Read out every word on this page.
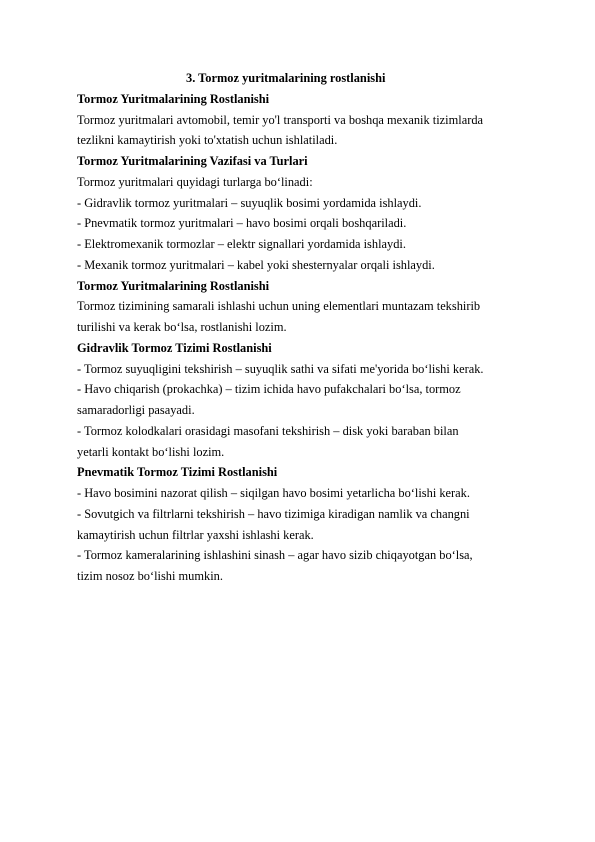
3. Tormoz yuritmalarining rostlanishi
Tormoz Yuritmalarining Rostlanishi
Tormoz yuritmalari avtomobil, temir yo'l transporti va boshqa mexanik tizimlarda
tezlikni kamaytirish yoki to'xtatish uchun ishlatiladi.
Tormoz Yuritmalarining Vazifasi va Turlari
Tormoz yuritmalari quyidagi turlarga bo‘linadi:
- Gidravlik tormoz yuritmalari – suyuqlik bosimi yordamida ishlaydi.
- Pnevmatik tormoz yuritmalari – havo bosimi orqali boshqariladi.
- Elektromexanik tormozlar – elektr signallari yordamida ishlaydi.
- Mexanik tormoz yuritmalari – kabel yoki shesternyalar orqali ishlaydi.
Tormoz Yuritmalarining Rostlanishi
Tormoz tizimining samarali ishlashi uchun uning elementlari muntazam tekshirib
turilishi va kerak bo‘lsa, rostlanishi lozim.
Gidravlik Tormoz Tizimi Rostlanishi
- Tormoz suyuqligini tekshirish – suyuqlik sathi va sifati me'yorida bo‘lishi kerak.
- Havo chiqarish (prokachka) – tizim ichida havo pufakchalari bo‘lsa, tormoz
samaradorligi pasayadi.
- Tormoz kolodkalari orasidagi masofani tekshirish – disk yoki baraban bilan
yetarli kontakt bo‘lishi lozim.
Pnevmatik Tormoz Tizimi Rostlanishi
- Havo bosimini nazorat qilish – siqilgan havo bosimi yetarlicha bo‘lishi kerak.
- Sovutgich va filtrlarni tekshirish – havo tizimiga kiradigan namlik va changni
kamaytirish uchun filtrlar yaxshi ishlashi kerak.
- Tormoz kameralarining ishlashini sinash – agar havo sizib chiqayotgan bo‘lsa,
tizim nosoz bo‘lishi mumkin.
